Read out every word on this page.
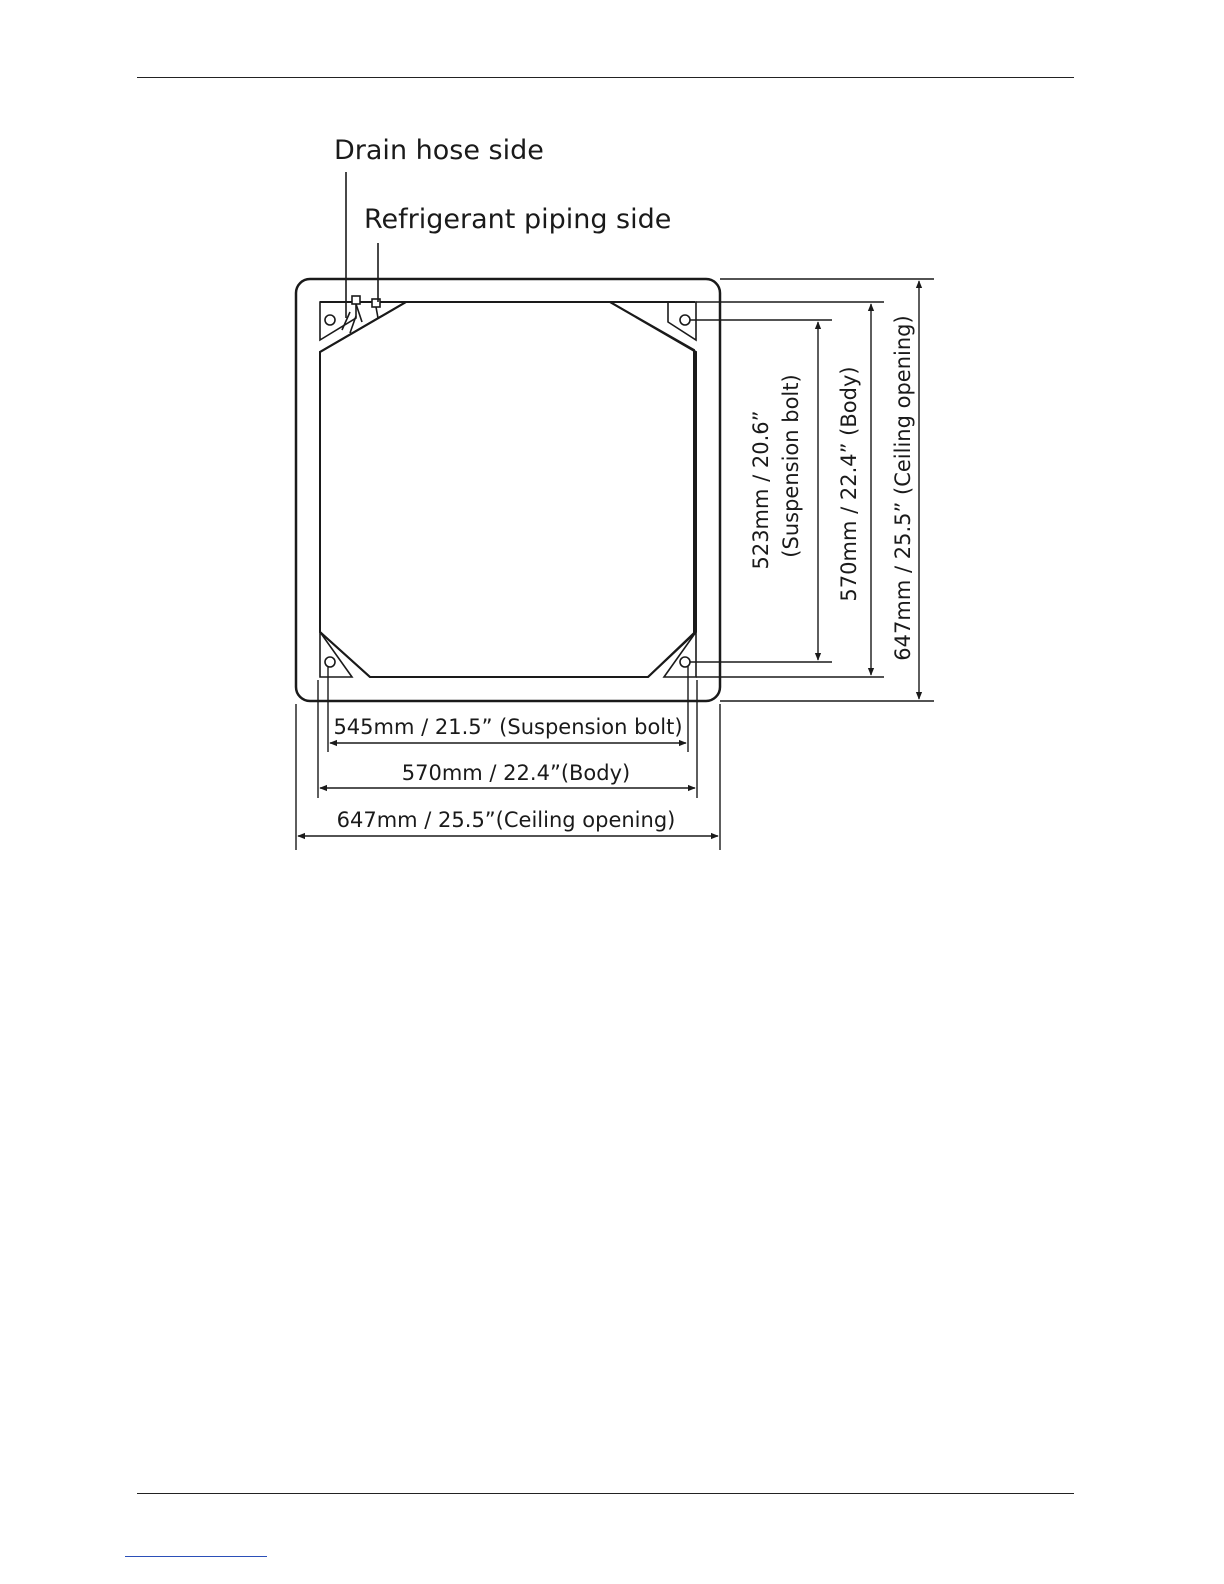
Drain hose side
Refrigerant piping side
545mm / 21.5” (Suspension bolt)
570mm / 22.4”(Body)
647mm / 25.5”(Ceiling opening)
523mm / 20.6” (Suspension bolt) 570mm / 22.4” (Body) 647mm / 25.5” (Ceiling opening)
